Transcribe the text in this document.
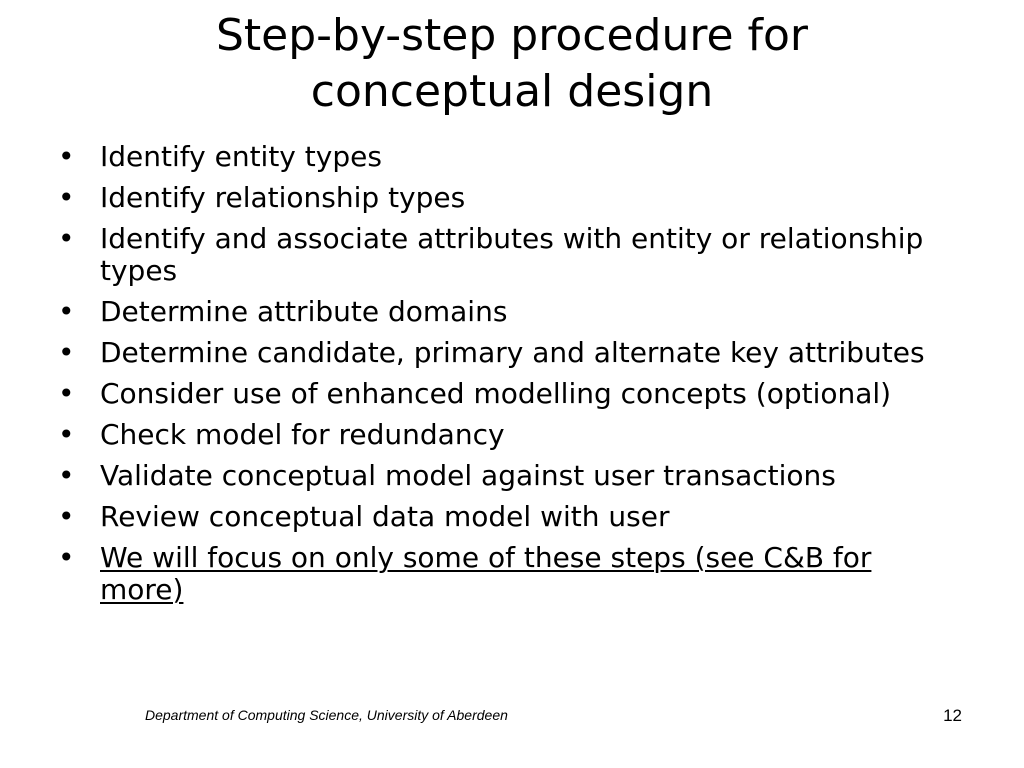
Step-by-step procedure for
conceptual design
• Identify entity types
• Identify relationship types
• Identify and associate attributes with entity or relationship types
• Determine attribute domains
• Determine candidate, primary and alternate key attributes
• Consider use of enhanced modelling concepts (optional)
• Check model for redundancy
• Validate conceptual model against user transactions
• Review conceptual data model with user
• We will focus on only some of these steps (see C&B for more)
Department of Computing Science, University of Aberdeen	12
